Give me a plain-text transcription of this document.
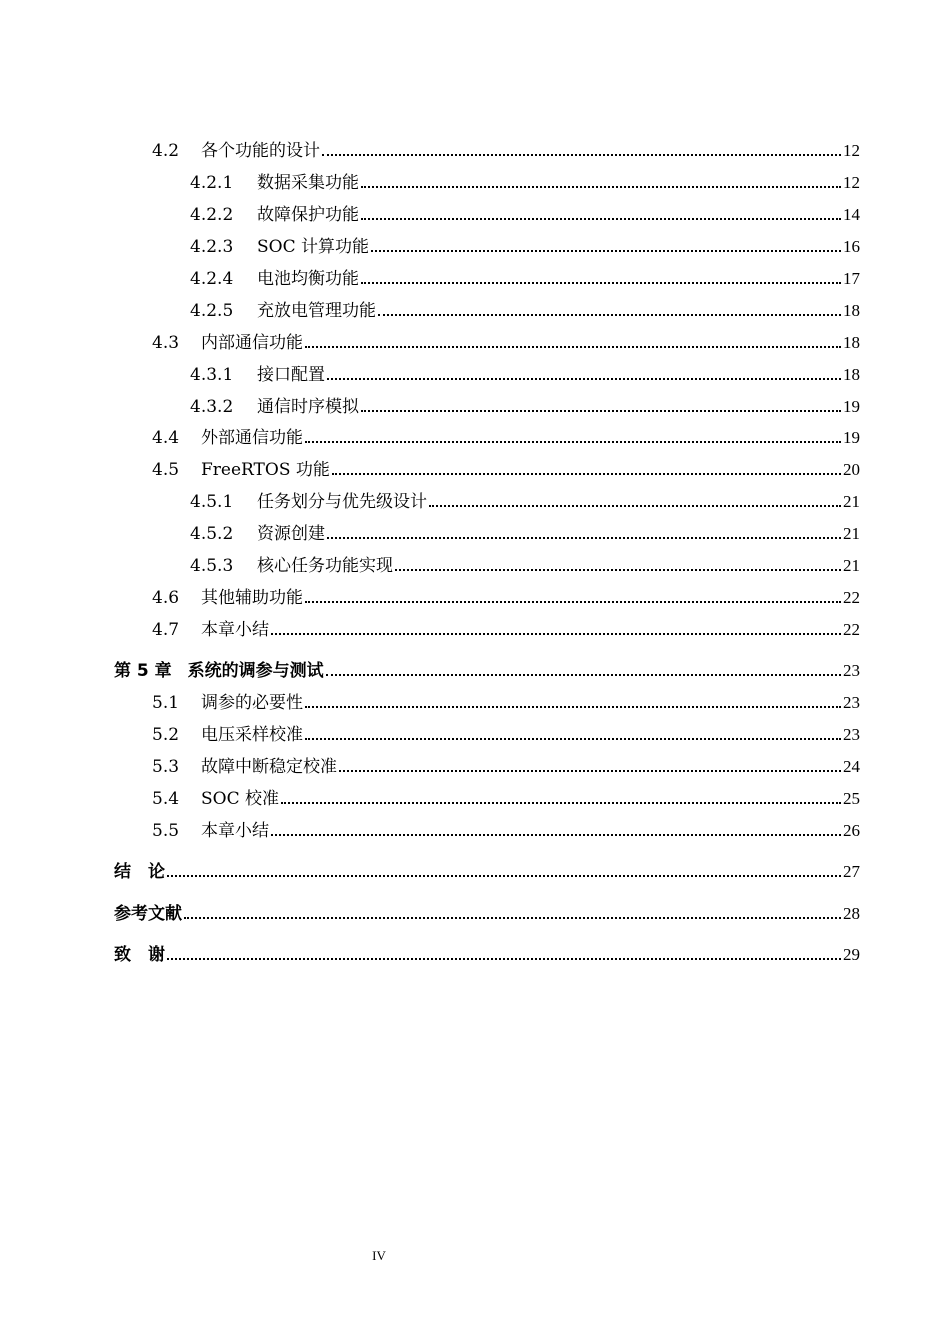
4.2	各个功能的设计	12
4.2.1	数据采集功能	12
4.2.2	故障保护功能	14
4.2.3	SOC 计算功能	16
4.2.4	电池均衡功能	17
4.2.5	充放电管理功能	18
4.3	内部通信功能	18
4.3.1	接口配置	18
4.3.2	通信时序模拟	19
4.4	外部通信功能	19
4.5	FreeRTOS 功能	20
4.5.1	任务划分与优先级设计	21
4.5.2	资源创建	21
4.5.3	核心任务功能实现	21
4.6	其他辅助功能	22
4.7	本章小结	22
第 5 章 系统的调参与测试	23
5.1	调参的必要性	23
5.2	电压采样校准	23
5.3	故障中断稳定校准	24
5.4	SOC 校准	25
5.5	本章小结	26
结　论	27
参考文献	28
致　谢	29
IV
